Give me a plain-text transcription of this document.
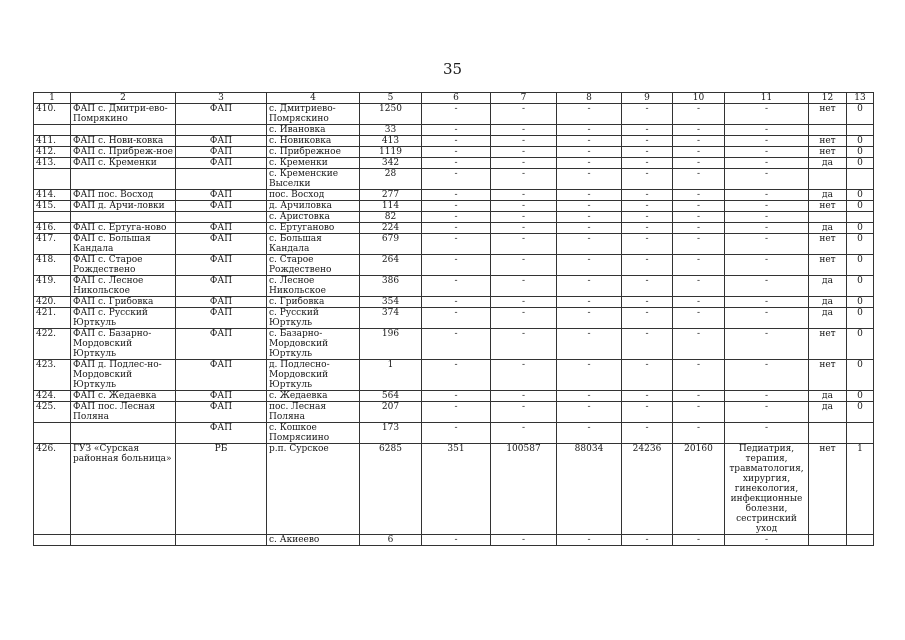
35
1	2	3	4	5	6	7	8	9	10	11	12	13
410.	ФАП с. Дмитри-ево-Помрякино	ФАП	с. Дмитриево-Помряскино	1250	-	-	-	-	-	-	нет	0
			с. Ивановка	33	-	-	-	-	-	-		
411.	ФАП с. Нови-ковка	ФАП	с. Новиковка	413	-	-	-	-	-	-	нет	0
412.	ФАП с. Прибреж-ное	ФАП	с. Прибрежное	1119	-	-	-	-	-	-	нет	0
413.	ФАП с. Кременки	ФАП	с. Кременки	342	-	-	-	-	-	-	да	0
			с. Кременские Выселки	28	-	-	-	-	-	-		
414.	ФАП пос. Восход	ФАП	пос. Восход	277	-	-	-	-	-	-	да	0
415.	ФАП д. Арчи-ловки	ФАП	д. Арчиловка	114	-	-	-	-	-	-	нет	0
			с. Аристовка	82	-	-	-	-	-	-		
416.	ФАП с. Ертуга-ново	ФАП	с. Ертуганово	224	-	-	-	-	-	-	да	0
417.	ФАП с. Большая Кандала	ФАП	с. Большая Кандала	679	-	-	-	-	-	-	нет	0
418.	ФАП с. Старое Рождествено	ФАП	с. Старое Рождествено	264	-	-	-	-	-	-	нет	0
419.	ФАП с. Лесное Никольское	ФАП	с. Лесное Никольское	386	-	-	-	-	-	-	да	0
420.	ФАП с. Грибовка	ФАП	с. Грибовка	354	-	-	-	-	-	-	да	0
421.	ФАП с. Русский Юрткуль	ФАП	с. Русский Юрткуль	374	-	-	-	-	-	-	да	0
422.	ФАП с. Базарно-Мордовский Юрткуль	ФАП	с. Базарно-Мордовский Юрткуль	196	-	-	-	-	-	-	нет	0
423.	ФАП д. Подлес-но-Мордовский Юрткуль	ФАП	д. Подлесно-Мордовский Юрткуль	1	-	-	-	-	-	-	нет	0
424.	ФАП с. Жедаевка	ФАП	с. Жедаевка	564	-	-	-	-	-	-	да	0
425.	ФАП пос. Лесная Поляна	ФАП	пос. Лесная Поляна	207	-	-	-	-	-	-	да	0
		ФАП	с. Кошкое Помрясиино	173	-	-	-	-	-	-		
426.	ГУЗ «Сурская районная больница»	РБ	р.п. Сурское	6285	351	100587	88034	24236	20160	Педиатрия, терапия, травматология, хирургия, гинекология, инфекционные болезни, сестринский уход	нет	1
			с. Акиеево	6	-	-	-	-	-	-		
